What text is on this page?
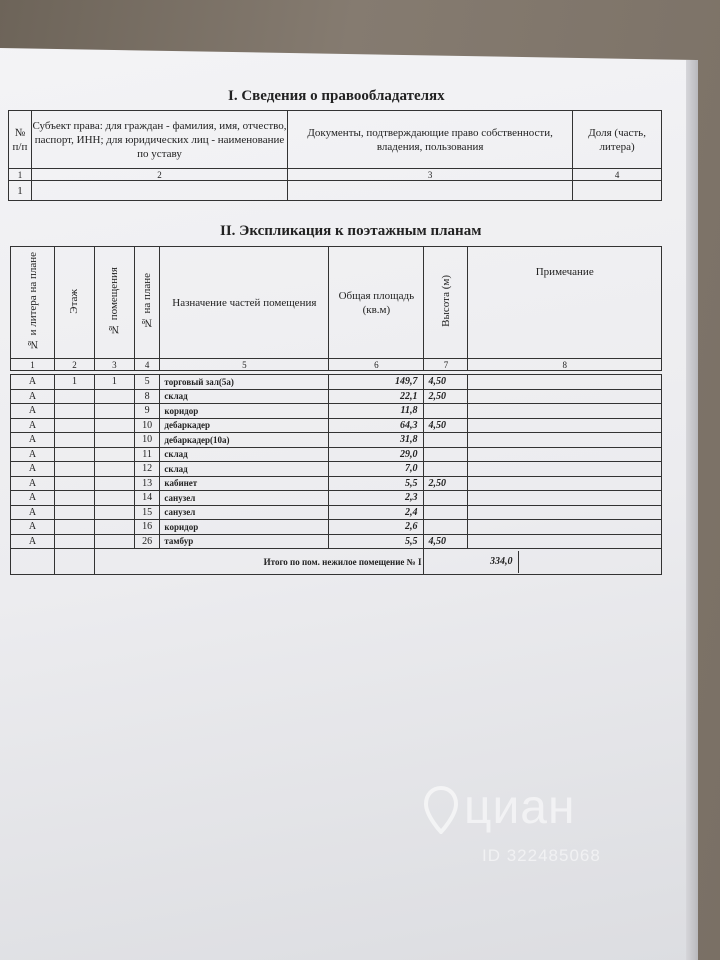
I. Сведения о правообладателях
№ п/п	Субъект права: для граждан - фамилия, имя, отчество, паспорт, ИНН; для юридических лиц - наименование по уставу	Документы, подтверждающие право собственности, владения, пользования	Доля (часть, литера)
1	2	3	4
1			
II. Экспликация к поэтажным планам
№ и литера на плане	Этаж	№ помещения	№ на плане	Назначение частей помещения	Общая площадь (кв.м)	Высота (м)	Примечание
1	2	3	4	5	6	7	8

А	1	1	5	торговый зал(5а)	149,7	4,50	
А			8	склад	22,1	2,50	
А			9	коридор	11,8		
А			10	дебаркадер	64,3	4,50	
А			10	дебаркадер(10а)	31,8		
А			11	склад	29,0		
А			12	склад	7,0		
А			13	кабинет	5,5	2,50	
А			14	санузел	2,3		
А			15	санузел	2,4		
А			16	коридор	2,6		
А			26	тамбур	5,5	4,50	
		Итого по пом. нежилое помещение № I				334,0	
циан
ID 322485068
